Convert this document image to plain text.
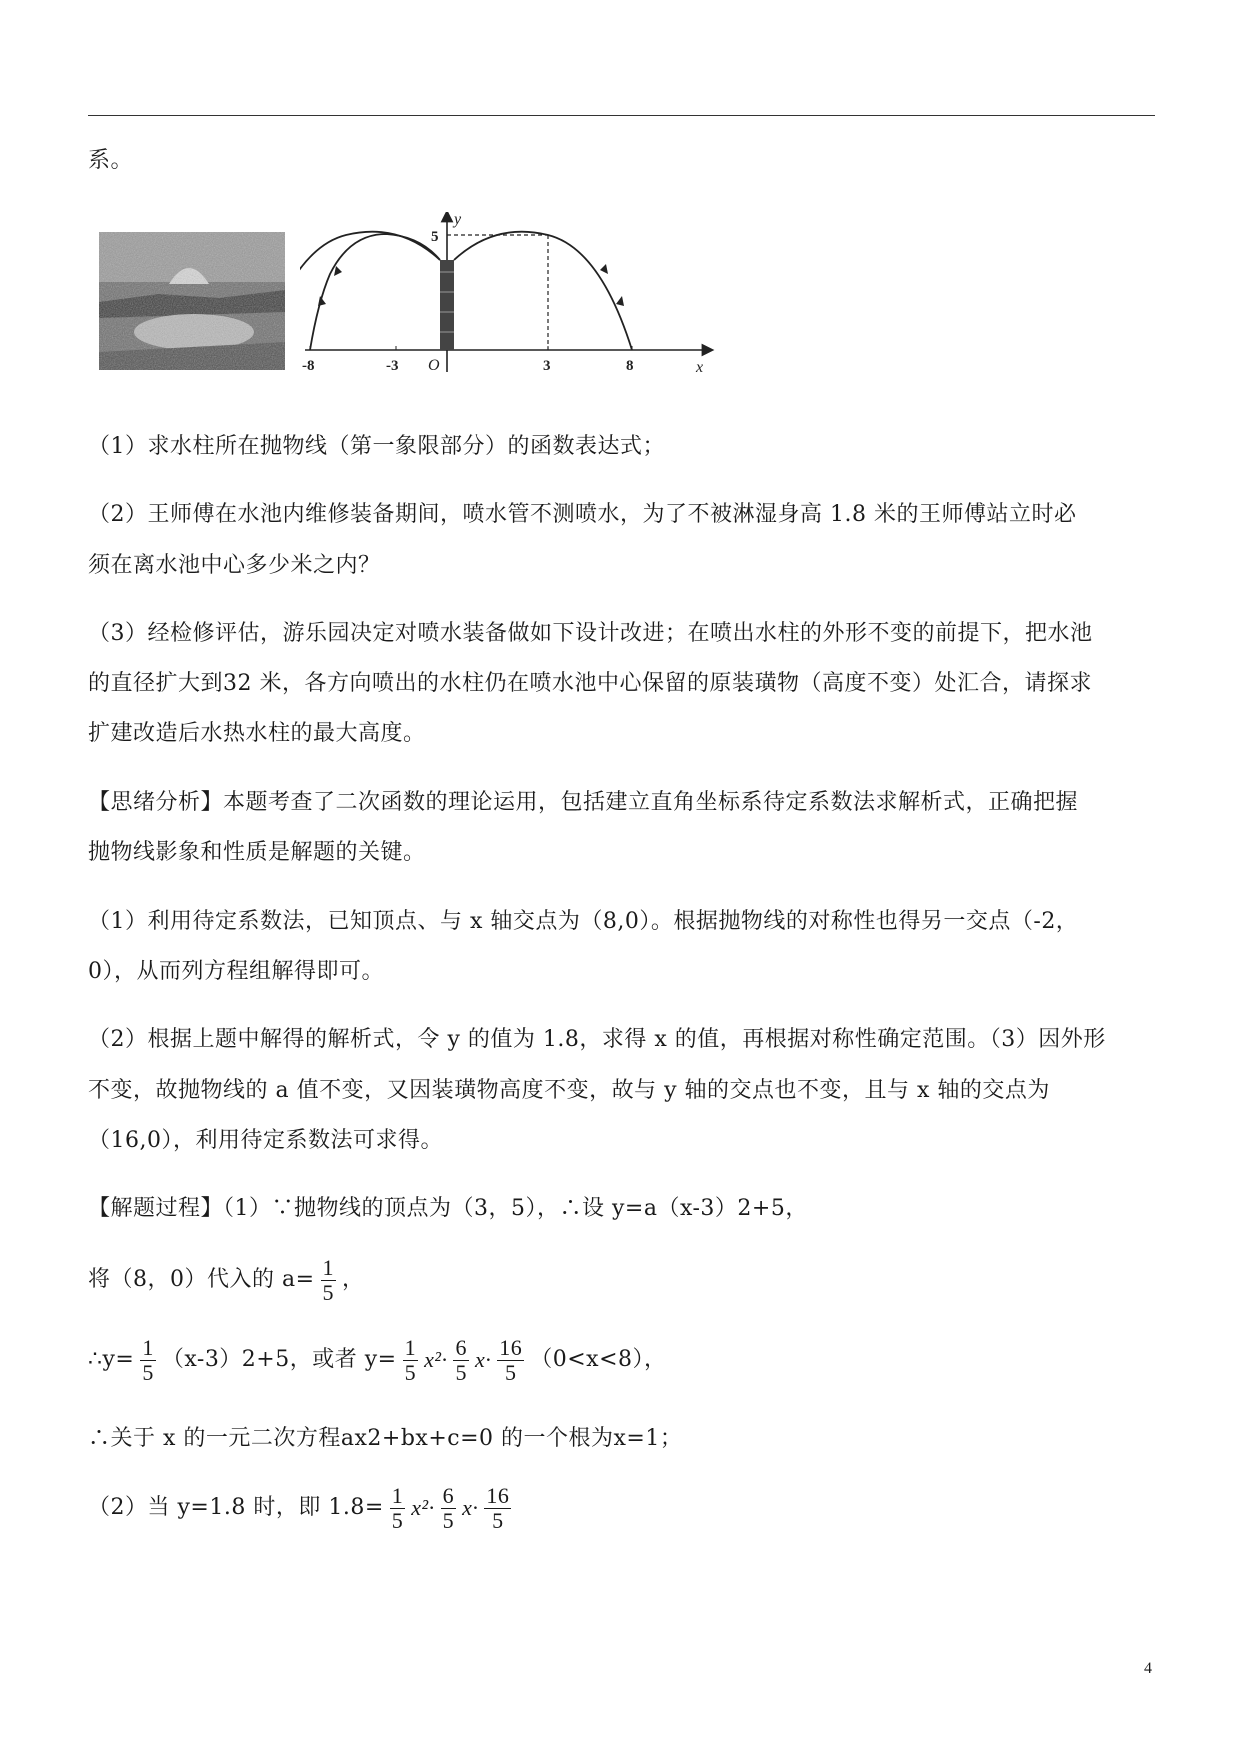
系。
-8	-3 O	3	8	x
y
5
（1）求水柱所在抛物线（第一象限部分）的函数表达式；
（2）王师傅在水池内维修装备期间，喷水管不测喷水，为了不被淋湿身高 1.8 米的王师傅站立时必
须在离水池中心多少米之内？
（3）经检修评估，游乐园决定对喷水装备做如下设计改进；在喷出水柱的外形不变的前提下，把水池
的直径扩大到32 米，各方向喷出的水柱仍在喷水池中心保留的原装璜物（高度不变）处汇合，请探求
扩建改造后水热水柱的最大高度。
【思绪分析】本题考查了二次函数的理论运用，包括建立直角坐标系待定系数法求解析式，正确把握
抛物线影象和性质是解题的关键。
（1）利用待定系数法，已知顶点、与 x 轴交点为（8,0）。根据抛物线的对称性也得另一交点（-2，
0），从而列方程组解得即可。
（2）根据上题中解得的解析式，令 y 的值为 1.8，求得 x 的值，再根据对称性确定范围。（3）因外形
不变，故抛物线的 a 值不变，又因装璜物高度不变，故与 y 轴的交点也不变，且与 x 轴的交点为
（16,0），利用待定系数法可求得。
【解题过程】（1）∵抛物线的顶点为（3，5），∴设 y=a（x-3）2+5，
将（8，0）代入的 $a= \frac{1}{5}$ ，
∴y= $\frac{1}{5} (x-3)2+5$，或者 $y= \frac{1}{5} x^2\cdot \frac{6}{5} x\cdot \frac{16}{5} (0<x<8)$，
∴关于 x 的一元二次方程ax2+bx+c=0 的一个根为x=1；
（2）当 y=1.8 时，即 $1.8= \frac{1}{5} x^2\cdot \frac{6}{5} x\cdot \frac{16}{5}$
4
